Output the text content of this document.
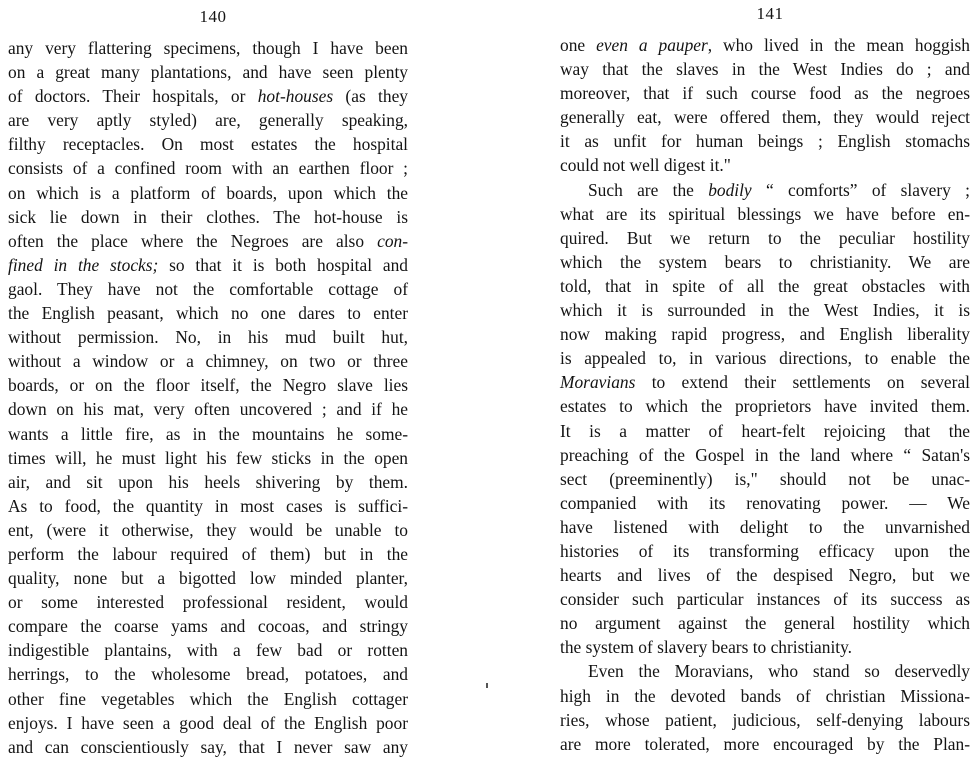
140
any very flattering specimens, though I have been
on a great many plantations, and have seen plenty
of doctors. Their hospitals, or hot-houses (as they
are very aptly styled) are, generally speaking,
filthy receptacles. On most estates the hospital
consists of a confined room with an earthen floor ;
on which is a platform of boards, upon which the
sick lie down in their clothes. The hot-house is
often the place where the Negroes are also con-
fined in the stocks; so that it is both hospital and
gaol. They have not the comfortable cottage of
the English peasant, which no one dares to enter
without permission. No, in his mud built hut,
without a window or a chimney, on two or three
boards, or on the floor itself, the Negro slave lies
down on his mat, very often uncovered ; and if he
wants a little fire, as in the mountains he some-
times will, he must light his few sticks in the open
air, and sit upon his heels shivering by them.
As to food, the quantity in most cases is suffici-
ent, (were it otherwise, they would be unable to
perform the labour required of them) but in the
quality, none but a bigotted low minded planter,
or some interested professional resident, would
compare the coarse yams and cocoas, and stringy
indigestible plantains, with a few bad or rotten
herrings, to the wholesome bread, potatoes, and
other fine vegetables which the English cottager
enjoys. I have seen a good deal of the English poor
and can conscientiously say, that I never saw any
141
one even a pauper, who lived in the mean hoggish
way that the slaves in the West Indies do ; and
moreover, that if such course food as the negroes
generally eat, were offered them, they would reject
it as unfit for human beings ; English stomachs
could not well digest it."
Such are the bodily “ comforts” of slavery ;
what are its spiritual blessings we have before en-
quired. But we return to the peculiar hostility
which the system bears to christianity. We are
told, that in spite of all the great obstacles with
which it is surrounded in the West Indies, it is
now making rapid progress, and English liberality
is appealed to, in various directions, to enable the
Moravians to extend their settlements on several
estates to which the proprietors have invited them.
It is a matter of heart-felt rejoicing that the
preaching of the Gospel in the land where “ Satan's
sect (preeminently) is," should not be unac-
companied with its renovating power. — We
have listened with delight to the unvarnished
histories of its transforming efficacy upon the
hearts and lives of the despised Negro, but we
consider such particular instances of its success as
no argument against the general hostility which
the system of slavery bears to christianity.
Even the Moravians, who stand so deservedly
high in the devoted bands of christian Missiona-
ries, whose patient, judicious, self-denying labours
are more tolerated, more encouraged by the Plan-
